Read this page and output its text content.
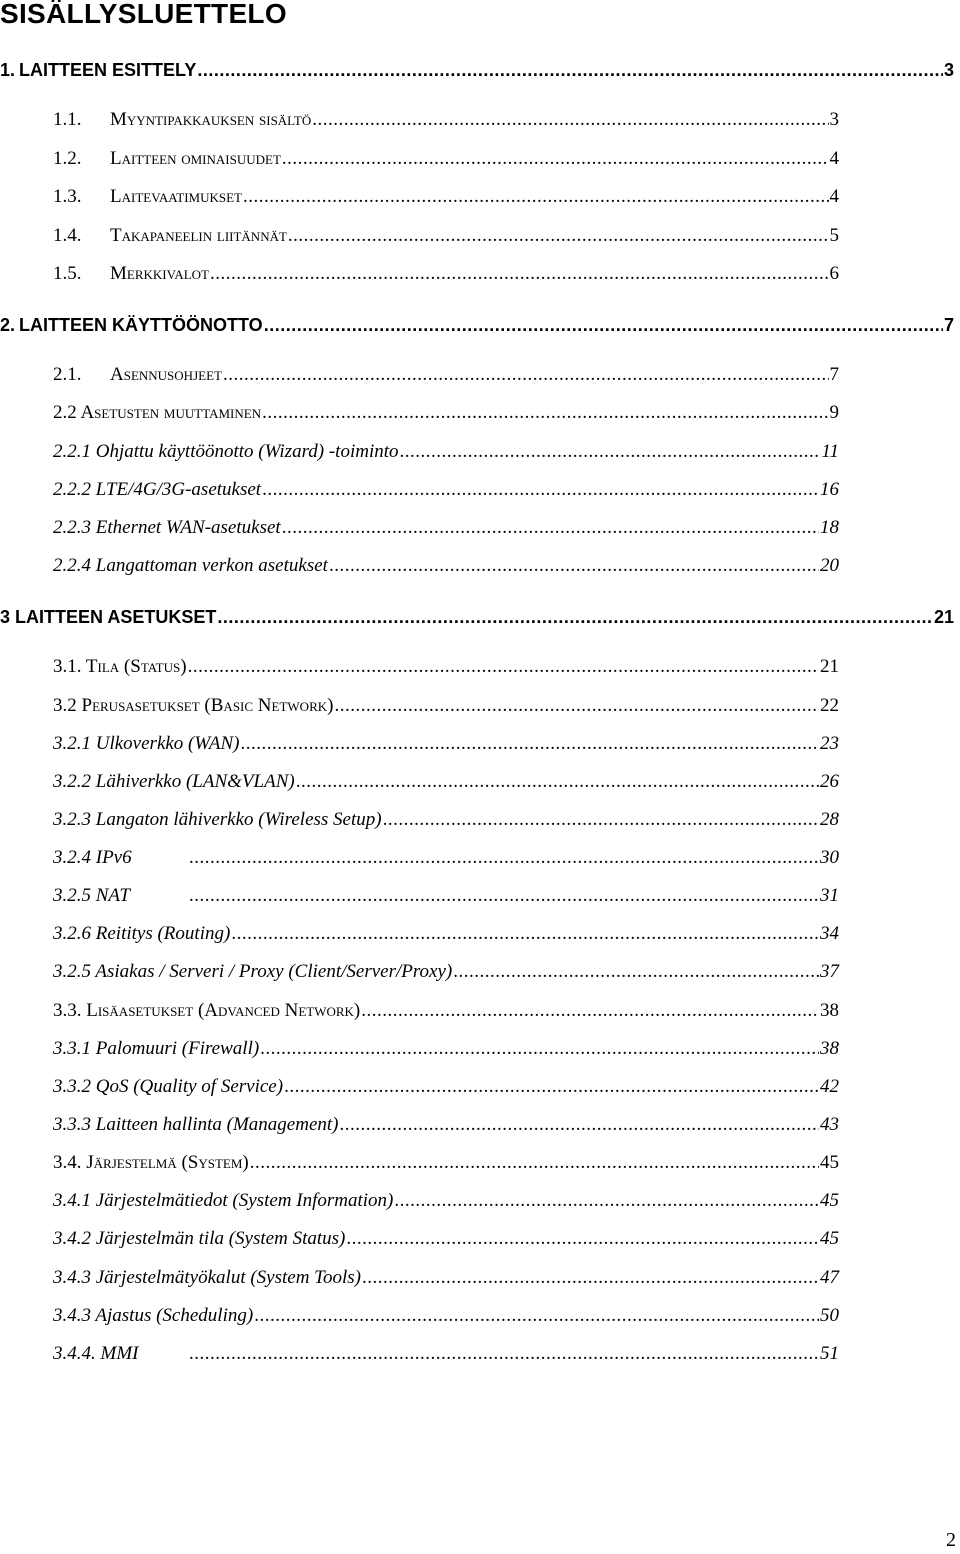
SISÄLLYSLUETTELO
1. LAITTEEN ESITTELY .....	3
1.1.	Myyntipakkauksen sisältö .....	3
1.2.	Laitteen ominaisuudet .....	4
1.3.	Laitevaatimukset .....	4
1.4.	Takapaneelin liitännät .....	5
1.5.	Merkkivalot .....	6
2. LAITTEEN KÄYTTÖÖNOTTO .....	7
2.1.	Asennusohjeet .....	7
2.2 Asetusten muuttaminen .....	9
2.2.1 Ohjattu käyttöönotto (Wizard) -toiminto .....	11
2.2.2 LTE/4G/3G-asetukset .....	16
2.2.3 Ethernet WAN-asetukset .....	18
2.2.4 Langattoman verkon asetukset .....	20
3 LAITTEEN ASETUKSET .....	21
3.1. Tila (Status) .....	21
3.2 Perusasetukset (Basic Network) .....	22
3.2.1 Ulkoverkko (WAN) .....	23
3.2.2 Lähiverkko (LAN&VLAN) .....	26
3.2.3 Langaton lähiverkko (Wireless Setup) .....	28
3.2.4 IPv6 .....	30
3.2.5 NAT .....	31
3.2.6 Reititys (Routing) .....	34
3.2.5 Asiakas / Serveri / Proxy (Client/Server/Proxy) .....	37
3.3. Lisäasetukset (Advanced Network) .....	38
3.3.1 Palomuuri (Firewall) .....	38
3.3.2 QoS (Quality of Service) .....	42
3.3.3 Laitteen hallinta (Management) .....	43
3.4. Järjestelmä (System) .....	45
3.4.1 Järjestelmätiedot (System Information) .....	45
3.4.2 Järjestelmän tila (System Status) .....	45
3.4.3 Järjestelmätyökalut (System Tools) .....	47
3.4.3 Ajastus (Scheduling) .....	50
3.4.4. MMI .....	51
2
